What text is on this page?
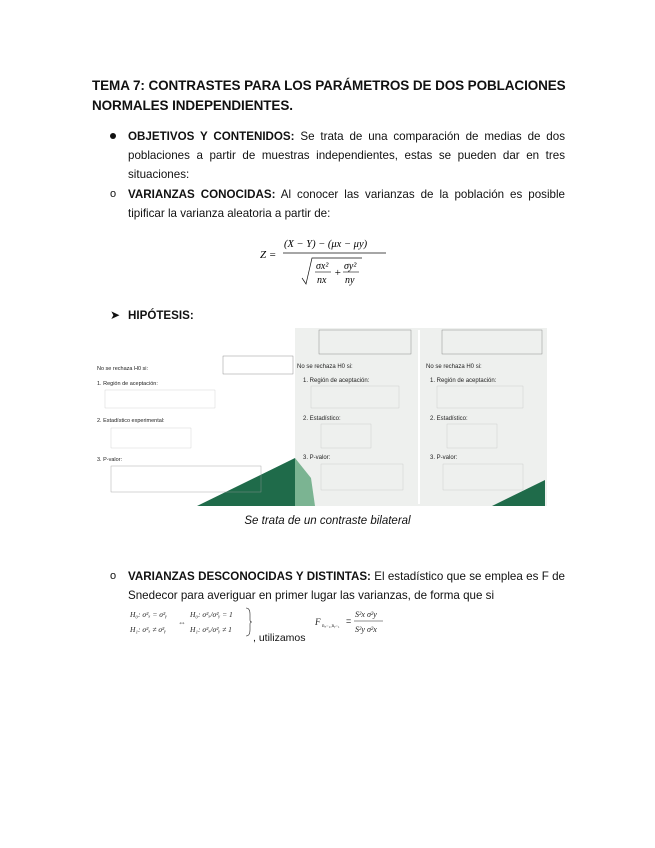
TEMA 7: CONTRASTES PARA LOS PARÁMETROS DE DOS POBLACIONES NORMALES INDEPENDIENTES.
OBJETIVOS Y CONTENIDOS: Se trata de una comparación de medias de dos poblaciones a partir de muestras independientes, estas se pueden dar en tres situaciones:
o	VARIANZAS CONOCIDAS: Al conocer las varianzas de la población es posible tipificar la varianza aleatoria a partir de:
Z =
(X − Y) − (μx − μy)
σx²
nx
+
σy²
ny
➤ HIPÓTESIS:
No se rechaza H0 si:
1. Región de aceptación:
2. Estadístico experimental:
3. P-valor:
No se rechaza H0 si:
1. Región de aceptación:
2. Estadístico:
3. P-valor:
No se rechaza H0 si:
1. Región de aceptación:
2. Estadístico:
3. P-valor:
Se trata de un contraste bilateral
o	VARIANZAS DESCONOCIDAS Y DISTINTAS: El estadístico que se emplea es F de Snedecor para averiguar en primer lugar las varianzas, de forma que si
H₀: σ²ₓ = σ²ᵧ
H₁: σ²ₓ ≠ σ²ᵧ
⇔
H₀: σ²ₓ/σ²ᵧ = 1
H₁: σ²ₓ/σ²ᵧ ≠ 1
, utilizamos
F nₓ₋₁,nᵧ₋₁
=
S²x σ²y
S²y σ²x
